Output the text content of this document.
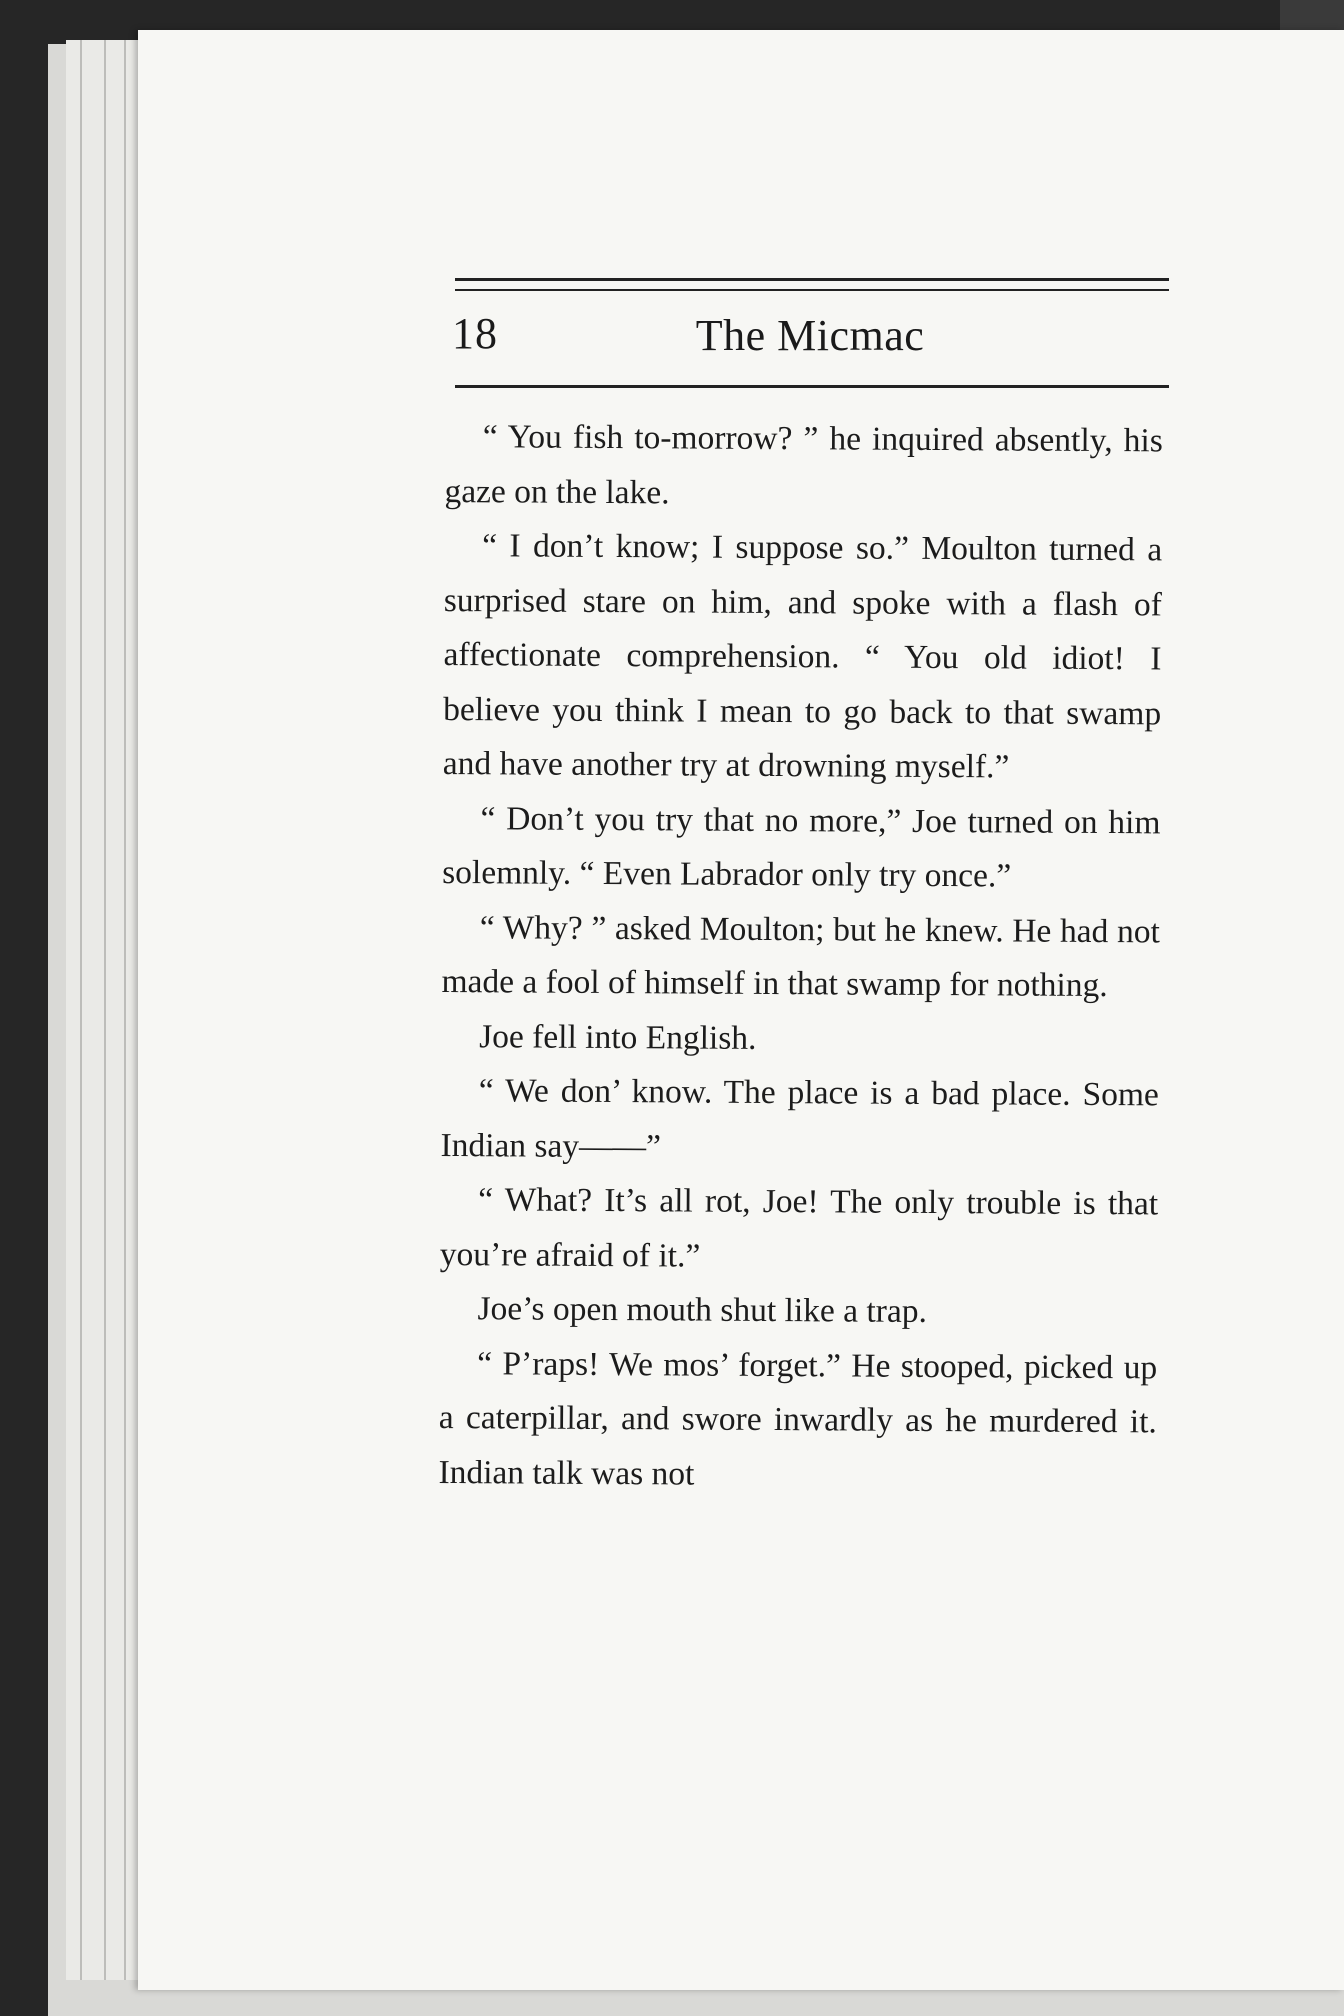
18	The Micmac

“ You fish to-morrow? ” he inquired absently, his gaze on the lake.

“ I don’t know; I suppose so.” Moulton turned a surprised stare on him, and spoke with a flash of affectionate comprehension. “ You old idiot! I believe you think I mean to go back to that swamp and have another try at drowning myself.”

“ Don’t you try that no more,” Joe turned on him solemnly. “ Even Labrador only try once.”

“ Why? ” asked Moulton; but he knew. He had not made a fool of himself in that swamp for nothing.

Joe fell into English.

“ We don’ know. The place is a bad place. Some Indian say——”

“ What? It’s all rot, Joe! The only trouble is that you’re afraid of it.”

Joe’s open mouth shut like a trap.

“ P’raps! We mos’ forget.” He stooped, picked up a caterpillar, and swore inwardly as he murdered it. Indian talk was not
